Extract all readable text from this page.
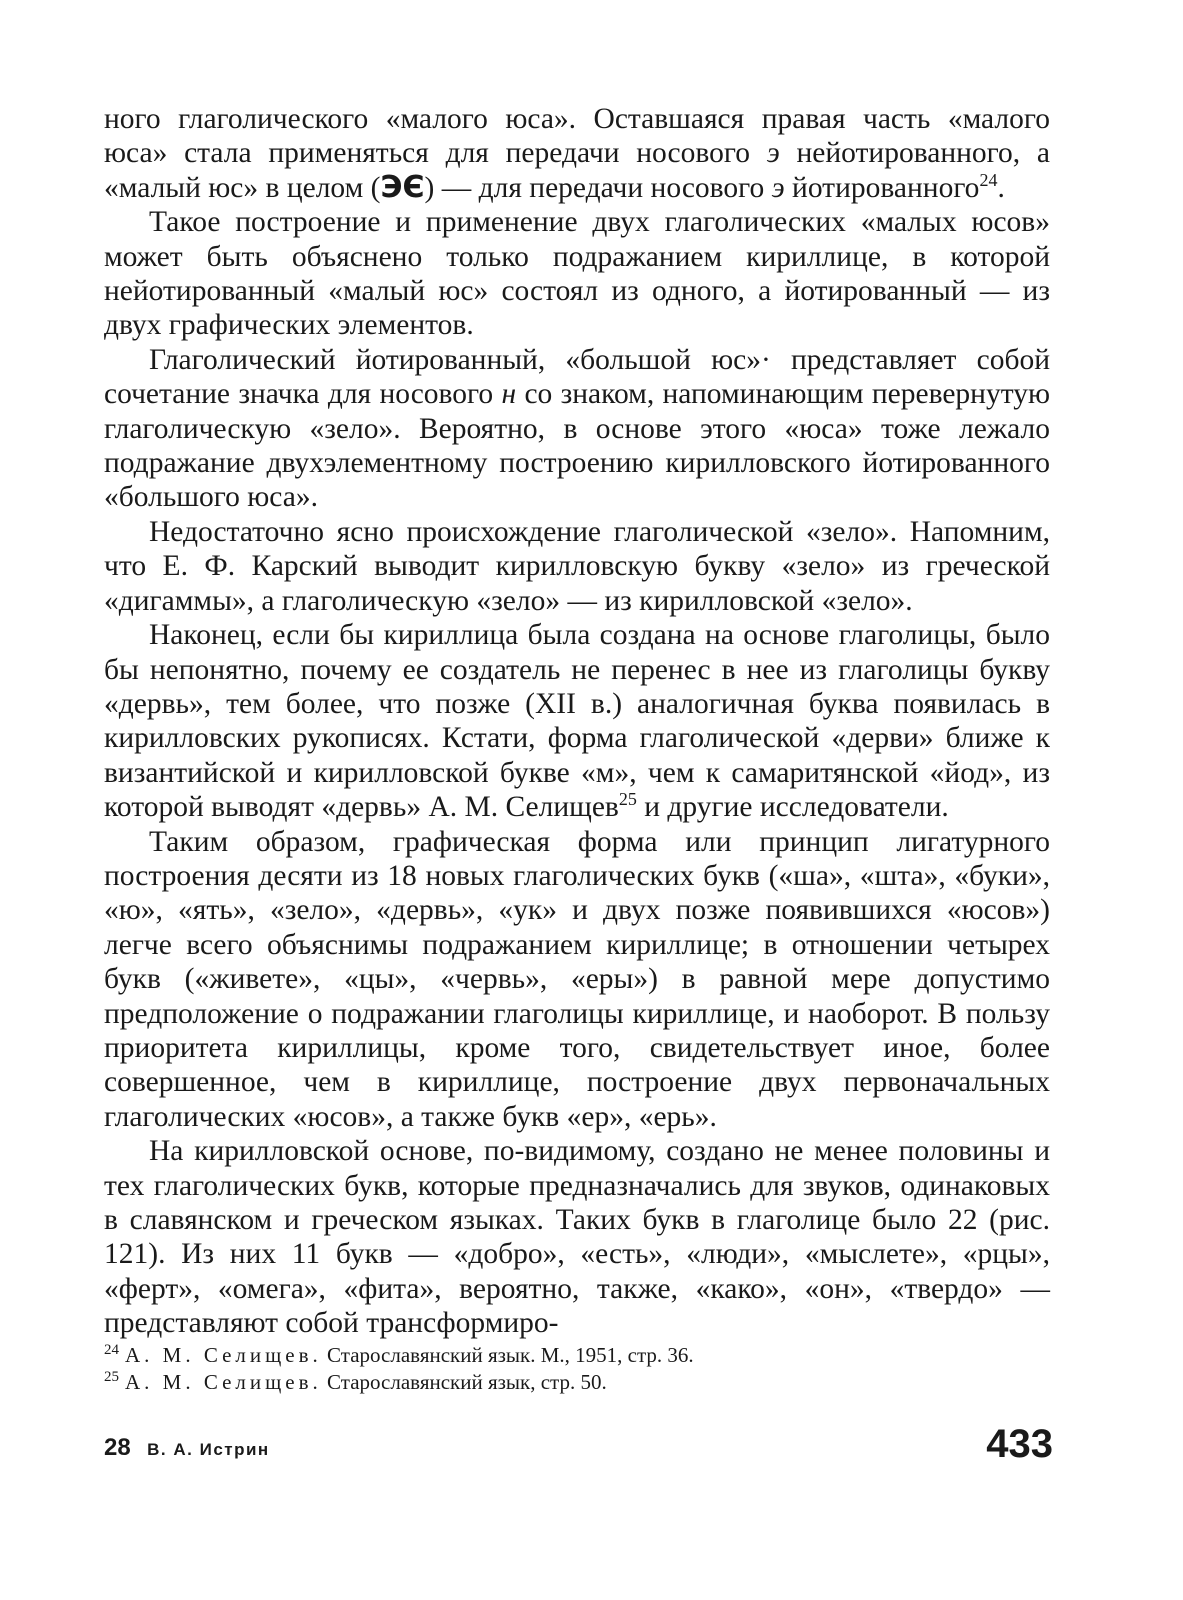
ного глаголического «малого юса». Оставшаяся правая часть «малого юса» стала применяться для передачи носового э нейотированного, а «малый юс» в целом (ЭЄ) — для передачи носового э йотированного$^{24}$.

Такое построение и применение двух глаголических «малых юсов» может быть объяснено только подражанием кириллице, в которой нейотированный «малый юс» состоял из одного, а йотированный — из двух графических элементов.

Глаголический йотированный, «большой юс»· представляет собой сочетание значка для носового н со знаком, напоминающим перевернутую глаголическую «зело». Вероятно, в основе этого «юса» тоже лежало подражание двухэлементному построению кирилловского йотированного «большого юса».

Недостаточно ясно происхождение глаголической «зело». Напомним, что Е. Ф. Карский выводит кирилловскую букву «зело» из греческой «дигаммы», а глаголическую «зело» — из кирилловской «зело».

Наконец, если бы кириллица была создана на основе глаголицы, было бы непонятно, почему ее создатель не перенес в нее из глаголицы букву «дервь», тем более, что позже (XII в.) аналогичная буква появилась в кирилловских рукописях. Кстати, форма глаголической «дерви» ближе к византийской и кирилловской букве «м», чем к самаритянской «йод», из которой выводят «дервь» А. М. Селищев$^{25}$ и другие исследователи.

Таким образом, графическая форма или принцип лигатурного построения десяти из 18 новых глаголических букв («ша», «шта», «буки», «ю», «ять», «зело», «дервь», «ук» и двух позже появившихся «юсов») легче всего объяснимы подражанием кириллице; в отношении четырех букв («живете», «цы», «червь», «еры») в равной мере допустимо предположение о подражании глаголицы кириллице, и наоборот. В пользу приоритета кириллицы, кроме того, свидетельствует иное, более совершенное, чем в кириллице, построение двух первоначальных глаголических «юсов», а также букв «ер», «ерь».

На кирилловской основе, по-видимому, создано не менее половины и тех глаголических букв, которые предназначались для звуков, одинаковых в славянском и греческом языках. Таких букв в глаголице было 22 (рис. 121). Из них 11 букв — «добро», «есть», «люди», «мыслете», «рцы», «ферт», «омега», «фита», вероятно, также, «како», «он», «твердо» — представляют собой трансформиро-

$^{24}$ А. М. Селищев. Старославянский язык. М., 1951, стр. 36.

$^{25}$ А. М. Селищев. Старославянский язык, стр. 50.

28 В. А. Истрин	433
